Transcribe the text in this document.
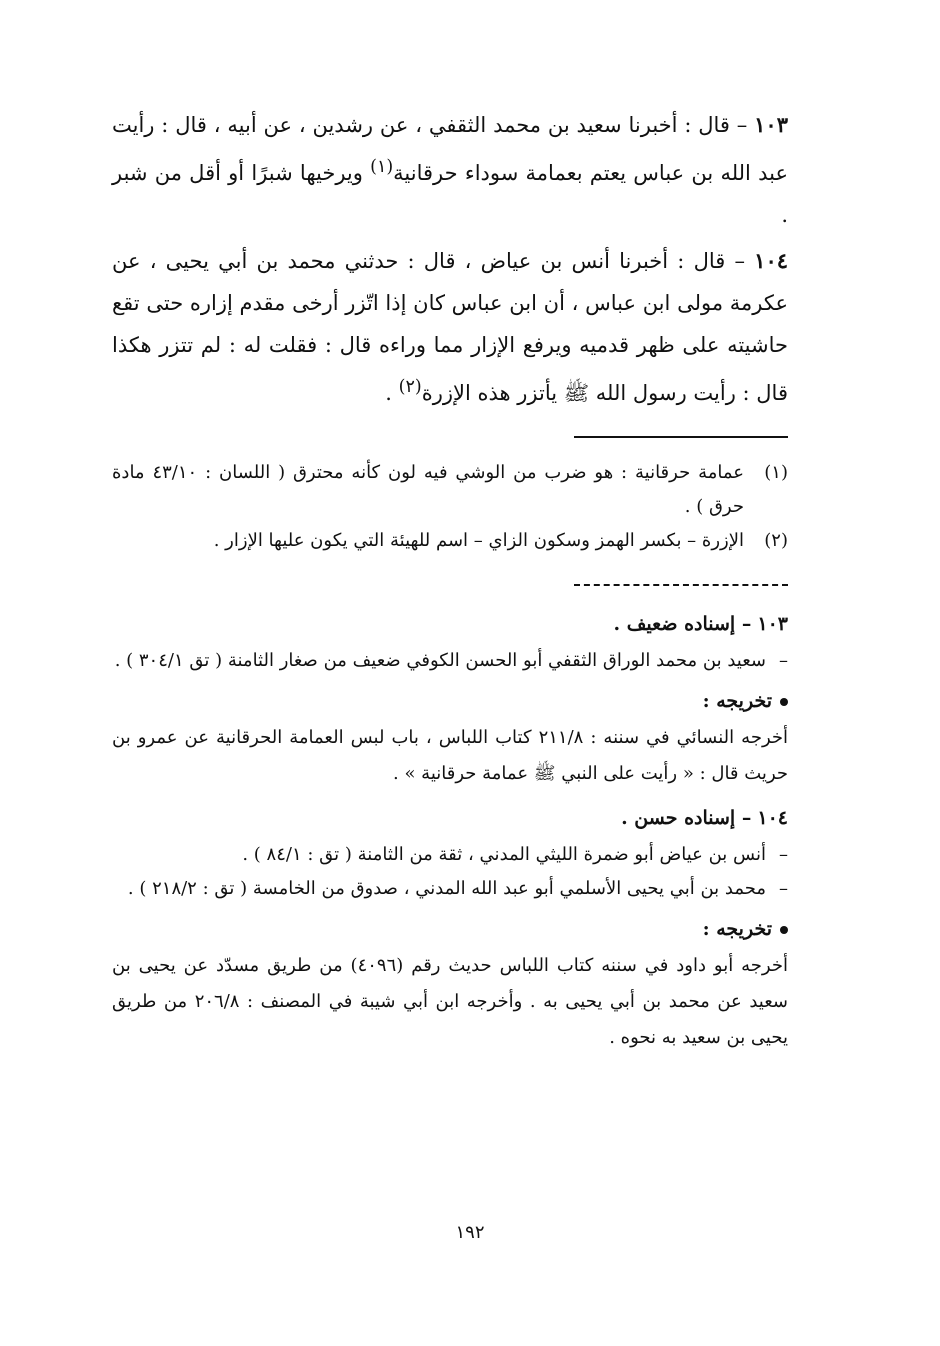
١٠٣ – قال : أخبرنا سعيد بن محمد الثقفي ، عن رشدين ، عن أبيه ، قال : رأيت عبد الله بن عباس يعتم بعمامة سوداء حرقانية$^{(١)}$ ويرخيها شبرًا أو أقل من شبر .

١٠٤ – قال : أخبرنا أنس بن عياض ، قال : حدثني محمد بن أبي يحيى ، عن عكرمة مولى ابن عباس ، أن ابن عباس كان إذا اتّزر أرخى مقدم إزاره حتى تقع حاشيته على ظهر قدميه ويرفع الإزار مما وراءه قال : فقلت له : لم تتزر هكذا قال : رأيت رسول الله ﷺ يأتزر هذه الإزرة$^{(٢)}$ .

(١)
عمامة حرقانية : هو ضرب من الوشي فيه لون كأنه محترق ( اللسان : ٤٣/١٠ مادة حرق ) .

(٢)
الإزرة – بكسر الهمز وسكون الزاي – اسم للهيئة التي يكون عليها الإزار .

١٠٣ – إسناده ضعيف .

–
سعيد بن محمد الوراق الثقفي أبو الحسن الكوفي ضعيف من صغار الثامنة ( تق ٣٠٤/١ ) .

تخريجه :

أخرجه النسائي في سننه : ٢١١/٨ كتاب اللباس ، باب لبس العمامة الحرقانية عن عمرو بن حريث قال : « رأيت على النبي ﷺ عمامة حرقانية » .

١٠٤ – إسناده حسن .

–
أنس بن عياض أبو ضمرة الليثي المدني ، ثقة من الثامنة ( تق : ٨٤/١ ) .

–
محمد بن أبي يحيى الأسلمي أبو عبد الله المدني ، صدوق من الخامسة ( تق : ٢١٨/٢ ) .

تخريجه :

أخرجه أبو داود في سننه كتاب اللباس حديث رقم (٤٠٩٦) من طريق مسدّد عن يحيى بن سعيد عن محمد بن أبي يحيى به . وأخرجه ابن أبي شيبة في المصنف : ٢٠٦/٨ من طريق يحيى بن سعيد به نحوه .

١٩٢
